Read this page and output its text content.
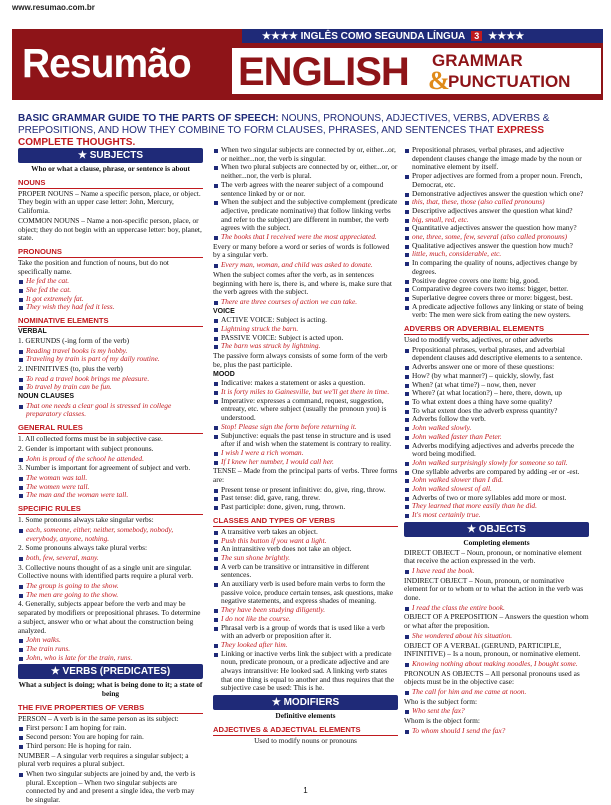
www.resumao.com.br
★★★★ INGLÊS COMO SEGUNDA LÍNGUA	3 ★★★★
Resumão ENGLISH GRAMMAR
&
PUNCTUATION
BASIC GRAMMAR GUIDE TO THE PARTS OF SPEECH: NOUNS, PRONOUNS, ADJECTIVES, VERBS, ADVERBS & PREPOSITIONS, AND HOW THEY COMBINE TO FORM CLAUSES, PHRASES, AND SENTENCES THAT EXPRESS COMPLETE THOUGHTS.
★ SUBJECTS
Who or what a clause, phrase, or sentence is about
NOUNS

PROPER NOUNS – Name a specific person, place, or object. They begin with an upper case letter: John, Mercury, California.

COMMON NOUNS – Name a non-specific person, place, or object; they do not begin with an uppercase letter: boy, planet, state.

PRONOUNS

Take the position and function of nouns, but do not specifically name.

He fed the cat.
She fed the cat.
It got extremely fat.
They wish they had fed it less.
NOMINATIVE ELEMENTS
VERBAL

1. GERUNDS (-ing form of the verb)

Reading travel books is my hobby.
Traveling by train is part of my daily routine.

2. INFINITIVES (to, plus the verb)

To read a travel book brings me pleasure.
To travel by train can be fun.
NOUN CLAUSES
That one needs a clear goal is stressed in college preparatory classes.
GENERAL RULES

1. All collected forms must be in subjective case.

2. Gender is important with subject pronouns.

John is proud of the school he attended.

3. Number is important for agreement of subject and verb.

The woman was tall.
The women were tall.
The man and the woman were tall.
SPECIFIC RULES

1. Some pronouns always take singular verbs:

each, someone, either, neither, somebody, nobody, everybody, anyone, nothing.

2. Some pronouns always take plural verbs:

both, few, several, many.

3. Collective nouns thought of as a single unit are singular. Collective nouns with identified parts require a plural verb.

The group is going to the show.
The men are going to the show.

4. Generally, subjects appear before the verb and may be separated by modifiers or prepositional phrases. To determine a subject, answer who or what about the construction being analyzed.

John walks.
The train runs.
John, who is late for the train, runs.
★ VERBS (PREDICATES)
What a subject is doing; what is being done to it; a state of being
THE FIVE PROPERTIES OF VERBS

PERSON – A verb is in the same person as its subject:

First person: I am hoping for rain.
Second person: You are hoping for rain.
Third person: He is hoping for rain.

NUMBER – A singular verb requires a singular subject; a plural verb requires a plural subject.

When two singular subjects are joined by and, the verb is plural. Exception – When two singular subjects are connected by and and present a single idea, the verb may be singular.
When two singular subjects are connected by or, either...or, or neither...nor, the verb is singular.
When two plural subjects are connected by or, either...or, or neither...nor, the verb is plural.
The verb agrees with the nearer subject of a compound sentence linked by or or nor.
When the subject and the subjective complement (predicate adjective, predicate nominative) that follow linking verbs and refer to the subject) are different in number, the verb agrees with the subject.
The books that I received were the most appreciated.

Every or many before a word or series of words is followed by a singular verb.

Every man, woman, and child was asked to donate.

When the subject comes after the verb, as in sentences beginning with here is, there is, and where is, make sure that the verb agrees with the subject.

There are three courses of action we can take.
VOICE
ACTIVE VOICE: Subject is acting.
Lightning struck the barn.
PASSIVE VOICE: Subject is acted upon.
The barn was struck by lightning.

The passive form always consists of some form of the verb be, plus the past participle.

MOOD
Indicative: makes a statement or asks a question.
It is forty miles to Gainesville, but we'll get there in time.
Imperative: expresses a command, request, suggestion, entreaty, etc. where subject (usually the pronoun you) is understood.
Stop! Please sign the form before returning it.
Subjunctive: equals the past tense in structure and is used after if and wish when the statement is contrary to reality.
I wish I were a rich woman.
If I knew her number, I would call her.

TENSE – Made from the principal parts of verbs. Three forms are:

Present tense or present infinitive: do, give, ring, throw.
Past tense: did, gave, rang, threw.
Past participle: done, given, rung, thrown.
CLASSES AND TYPES OF VERBS
A transitive verb takes an object.
Push this button if you want a light.
An intransitive verb does not take an object.
The sun shone brightly.
A verb can be transitive or intransitive in different sentences.
An auxiliary verb is used before main verbs to form the passive voice, produce certain tenses, ask questions, make negative statements, and express shades of meaning.
They have been studying diligently.
I do not like the course.
Phrasal verb is a group of words that is used like a verb with an adverb or preposition after it.
They looked after him.
Linking or inactive verbs link the subject with a predicate noun, predicate pronoun, or a predicate adjective and are always intransitive: He looked sad. A linking verb states that one thing is equal to another and thus requires that the subjective case be used: This is he.
★ MODIFIERS
Definitive elements
ADJECTIVES & ADJECTIVAL ELEMENTS

Used to modify nouns or pronouns

Prepositional phrases, verbal phrases, and adjective dependent clauses change the image made by the noun or nominative element by itself.
Proper adjectives are formed from a proper noun. French, Democrat, etc.
Demonstrative adjectives answer the question which one?
this, that, these, those (also called pronouns)
Descriptive adjectives answer the question what kind?
big, small, red, etc.
Quantitative adjectives answer the question how many?
one, three, some, few, several (also called pronouns)
Qualitative adjectives answer the question how much?
little, much, considerable, etc.
In comparing the quality of nouns, adjectives change by degrees.
Positive degree covers one item: big, good.
Comparative degree covers two items: bigger, better.
Superlative degree covers three or more: biggest, best.
A predicate adjective follows any linking or state of being verb: The men were sick from eating the new oysters.
ADVERBS OR ADVERBIAL ELEMENTS

Used to modify verbs, adjectives, or other adverbs

Prepositional phrases, verbal phrases, and adverbial dependent clauses add descriptive elements to a sentence.
Adverbs answer one or more of these questions:
How? (by what manner?) – quickly, slowly, fast
When? (at what time?) – now, then, never
Where? (at what location?) – here, there, down, up
To what extent does a thing have some quality?
To what extent does the adverb express quantity?
Adverbs follow the verb.
John walked slowly.
John walked faster than Peter.
Adverbs modifying adjectives and adverbs precede the word being modified.
John walked surprisingly slowly for someone so tall.
One syllable adverbs are compared by adding -er or -est.
John walked slower than I did.
John walked slowest of all.
Adverbs of two or more syllables add more or most.
They learned that more easily than he did.
It's most certainly true.
★ OBJECTS
Completing elements

DIRECT OBJECT – Noun, pronoun, or nominative element that receive the action expressed in the verb.

I have read the book.

INDIRECT OBJECT – Noun, pronoun, or nominative element for or to whom or to what the action in the verb was done.

I read the class the entire book.

OBJECT OF A PREPOSITION – Answers the question whom or what after the preposition.

She wondered about his situation.

OBJECT OF A VERBAL (GERUND, PARTICIPLE, INFINITIVE) – Is a noun, pronoun, or nominative element.

Knowing nothing about making noodles, I bought some.

PRONOUN AS OBJECTS – All personal pronouns used as objects must be in the objective case:

The call for him and me came at noon.

Who is the subject form:

Who sent the fax?

Whom is the object form:

To whom should I send the fax?
1
